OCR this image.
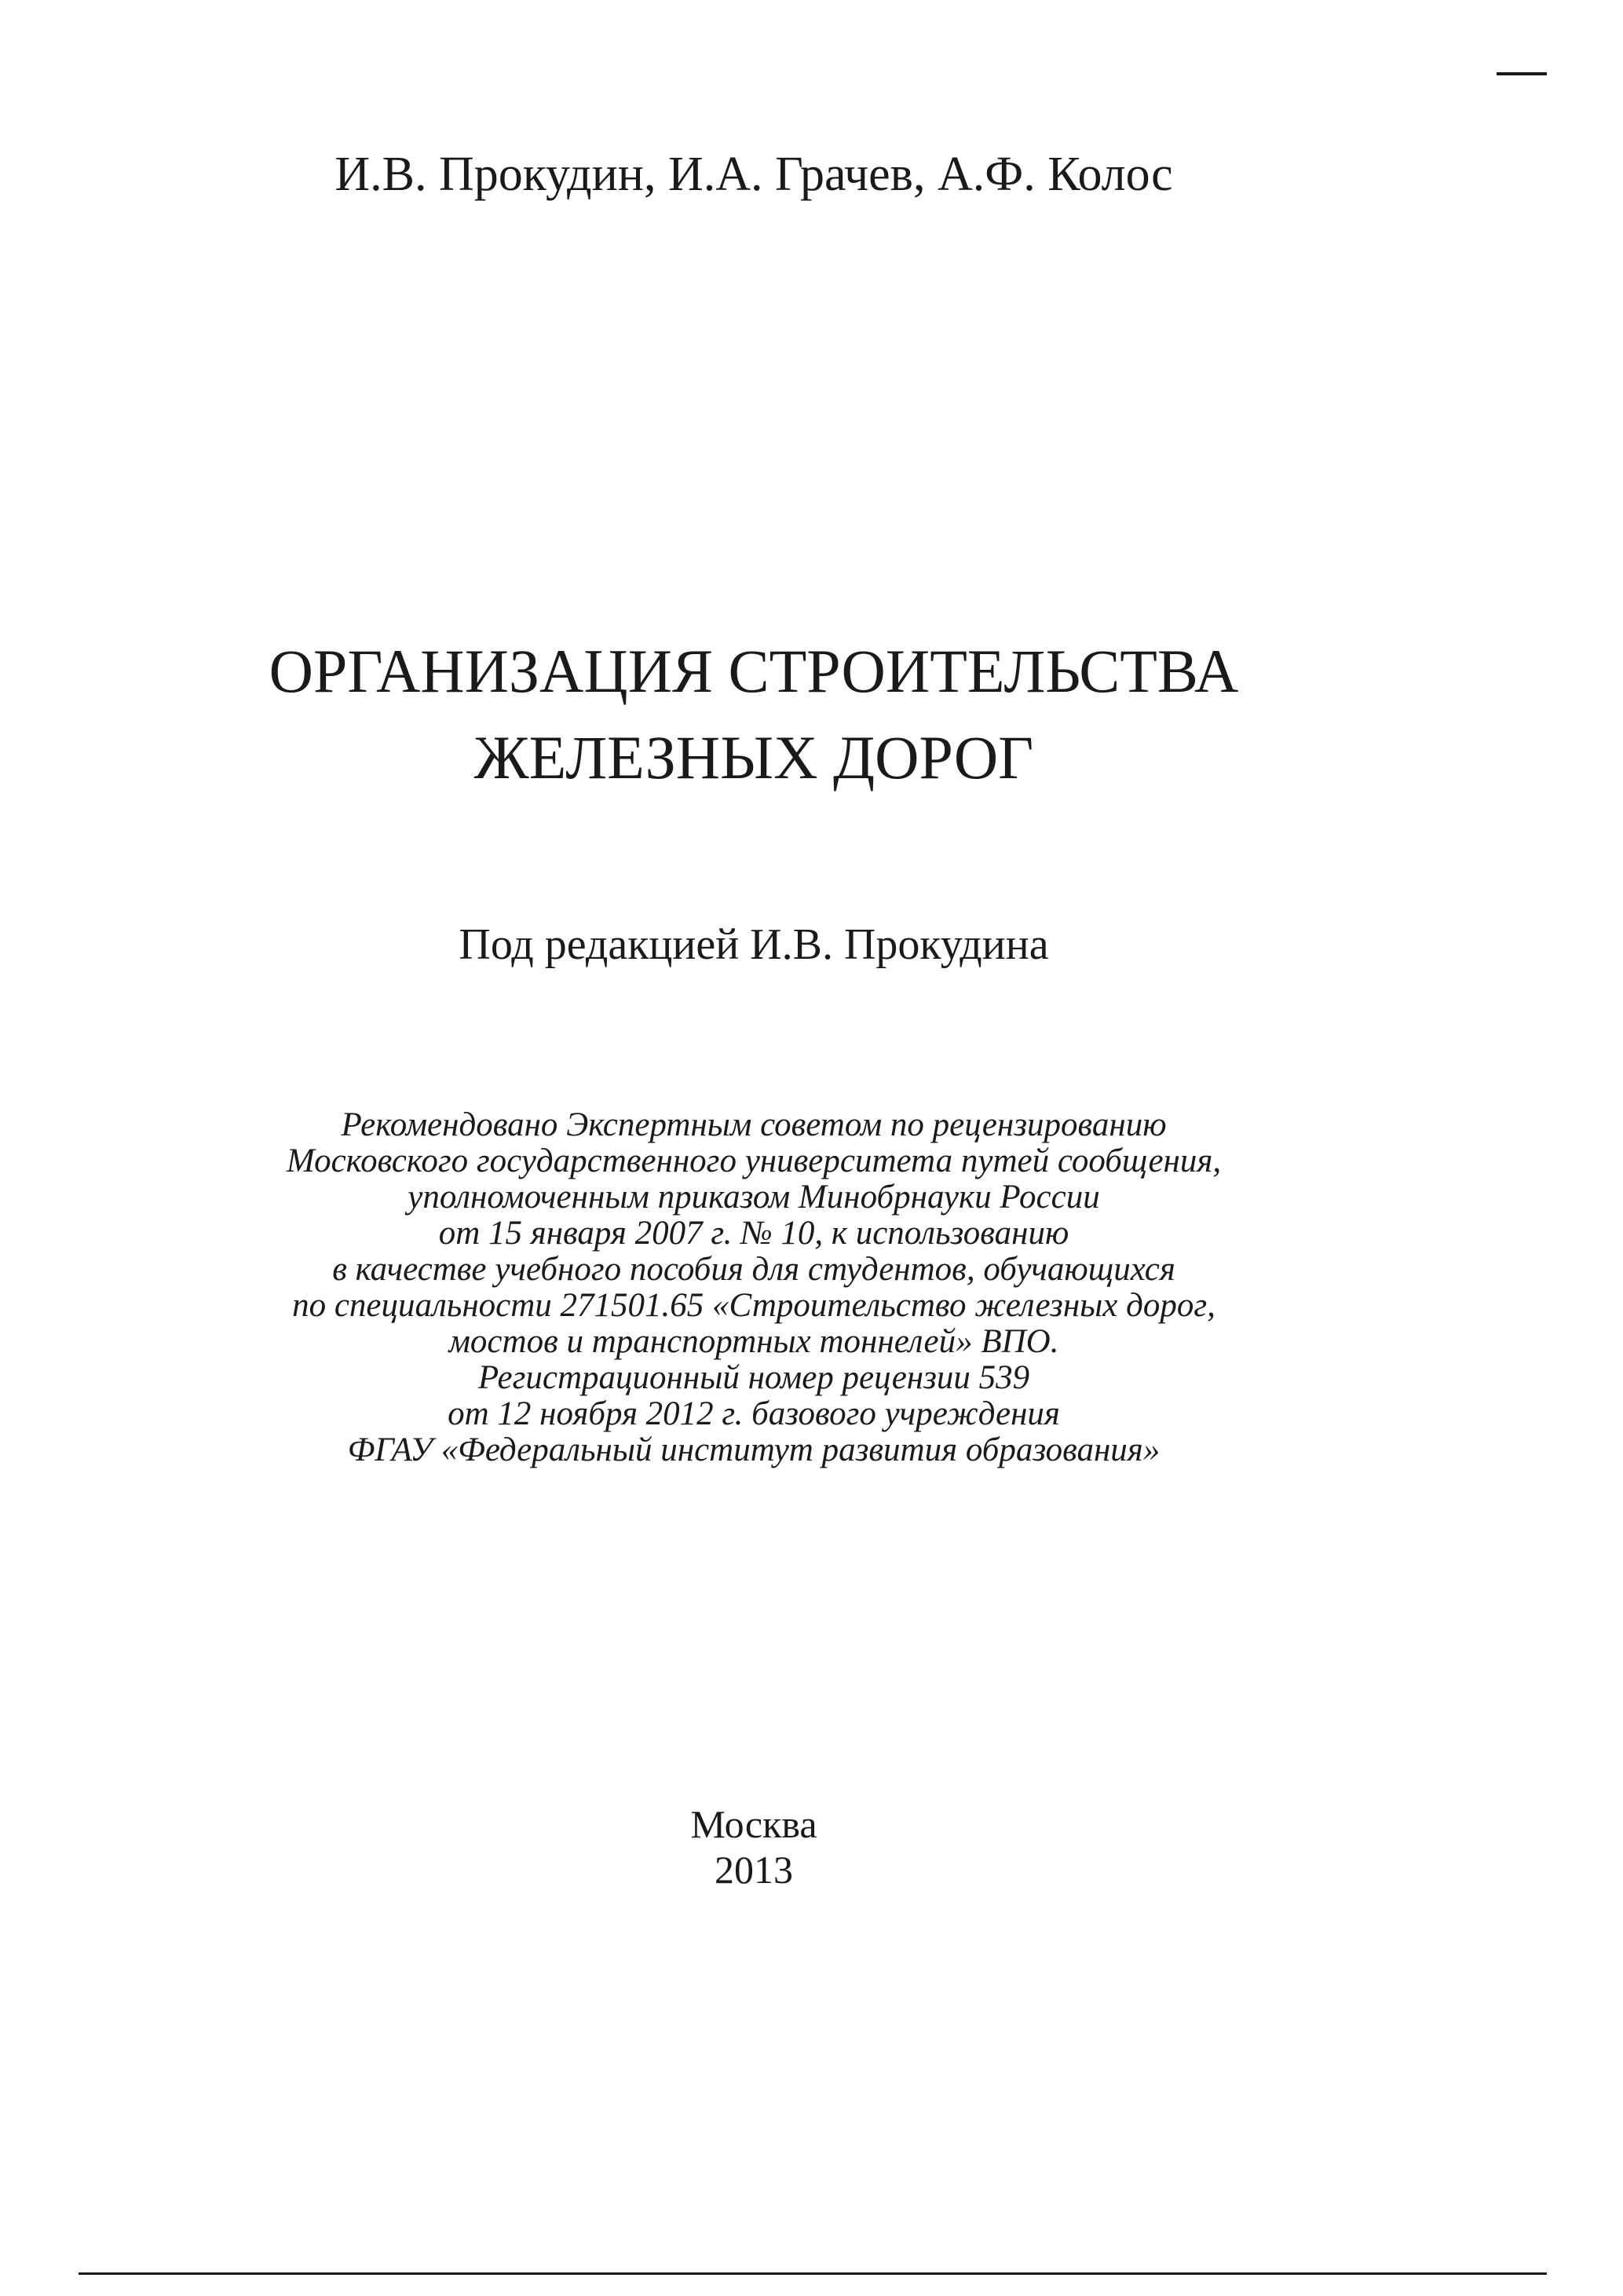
И.В. Прокудин, И.А. Грачев, А.Ф. Колос
ОРГАНИЗАЦИЯ СТРОИТЕЛЬСТВА
ЖЕЛЕЗНЫХ ДОРОГ
Под редакцией И.В. Прокудина
Рекомендовано Экспертным советом по рецензированию
Московского государственного университета путей сообщения,
уполномоченным приказом Минобрнауки России
от 15 января 2007 г. № 10, к использованию
в качестве учебного пособия для студентов, обучающихся
по специальности 271501.65 «Строительство железных дорог,
мостов и транспортных тоннелей» ВПО.
Регистрационный номер рецензии 539
от 12 ноября 2012 г. базового учреждения
ФГАУ «Федеральный институт развития образования»
Москва
2013
